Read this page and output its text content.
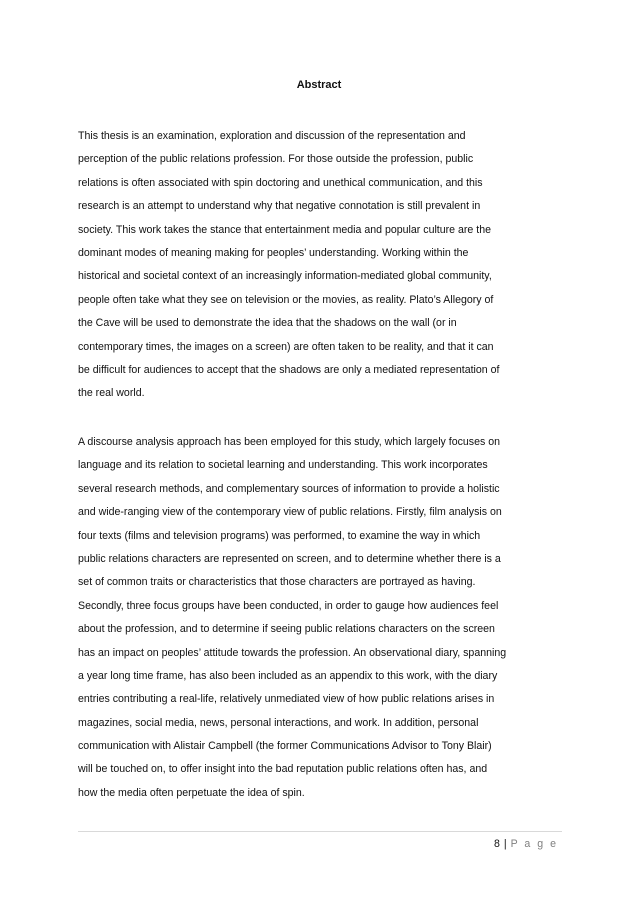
Abstract
This thesis is an examination, exploration and discussion of the representation and
perception of the public relations profession. For those outside the profession, public
relations is often associated with spin doctoring and unethical communication, and this
research is an attempt to understand why that negative connotation is still prevalent in
society. This work takes the stance that entertainment media and popular culture are the
dominant modes of meaning making for peoples’ understanding. Working within the
historical and societal context of an increasingly information-mediated global community,
people often take what they see on television or the movies, as reality. Plato’s Allegory of
the Cave will be used to demonstrate the idea that the shadows on the wall (or in
contemporary times, the images on a screen) are often taken to be reality, and that it can
be difficult for audiences to accept that the shadows are only a mediated representation of
the real world.
A discourse analysis approach has been employed for this study, which largely focuses on
language and its relation to societal learning and understanding. This work incorporates
several research methods, and complementary sources of information to provide a holistic
and wide-ranging view of the contemporary view of public relations. Firstly, film analysis on
four texts (films and television programs) was performed, to examine the way in which
public relations characters are represented on screen, and to determine whether there is a
set of common traits or characteristics that those characters are portrayed as having.
Secondly, three focus groups have been conducted, in order to gauge how audiences feel
about the profession, and to determine if seeing public relations characters on the screen
has an impact on peoples’ attitude towards the profession. An observational diary, spanning
a year long time frame, has also been included as an appendix to this work, with the diary
entries contributing a real-life, relatively unmediated view of how public relations arises in
magazines, social media, news, personal interactions, and work. In addition, personal
communication with Alistair Campbell (the former Communications Advisor to Tony Blair)
will be touched on, to offer insight into the bad reputation public relations often has, and
how the media often perpetuate the idea of spin.
8 | P a g e
